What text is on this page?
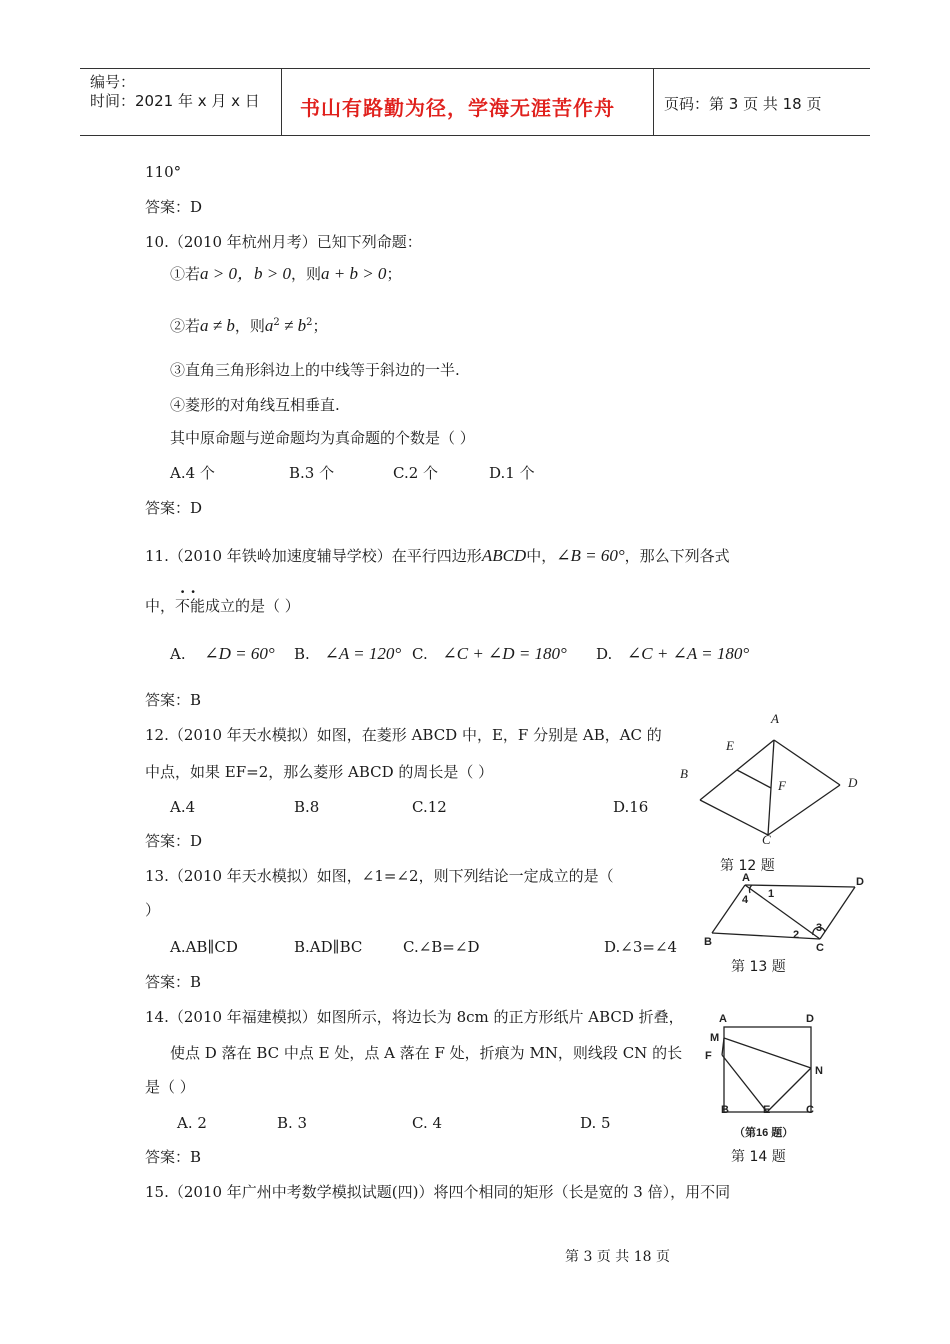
编号：
时间：2021 年 x 月 x 日 书山有路勤为径，学海无涯苦作舟	页码：第 3 页 共 18 页
110°
答案：D
10.（2010 年杭州月考）已知下列命题：
①若a > 0，b > 0，则a + b > 0；
②若a ≠ b，则$a^2 \ne b^2$；
③直角三角形斜边上的中线等于斜边的一半.
④菱形的对角线互相垂直.
其中原命题与逆命题均为真命题的个数是（ ）
A.4 个	B.3 个	C.2 个	D.1 个
答案：D
11.（2010 年铁岭加速度辅导学校）在平行四边形ABCD中，∠B = 60°，那么下列各式
. .
中，不能成立的是（ ）
A. ∠D = 60° B. ∠A = 120° C. ∠C + ∠D = 180° D. ∠C + ∠A = 180°
答案：B
12.（2010 年天水模拟）如图，在菱形 ABCD 中，E，F 分别是 AB，AC 的
中点，如果 EF=2，那么菱形 ABCD 的周长是（ ）
A.4	B.8	C.12	D.16
答案：D
A
B
C
D
E
F
第 12 题
13.（2010 年天水模拟）如图，∠1=∠2，则下列结论一定成立的是（
）
A.AB∥CD	B.AD∥BC	C.∠B=∠D	D.∠3=∠4
答案：B
A
B	C
D
1
2
3
4
第 13 题
14.（2010 年福建模拟）如图所示，将边长为 8cm 的正方形纸片 ABCD 折叠，
使点 D 落在 BC 中点 E 处，点 A 落在 F 处，折痕为 MN，则线段 CN 的长
是（ ）
A. 2	B. 3	C. 4	D. 5
答案：B
A	D
M
F
N
B	E	C
（第16 题）
第 14 题
15.（2010 年广州中考数学模拟试题(四)）将四个相同的矩形（长是宽的 3 倍），用不同
第 3 页 共 18 页
